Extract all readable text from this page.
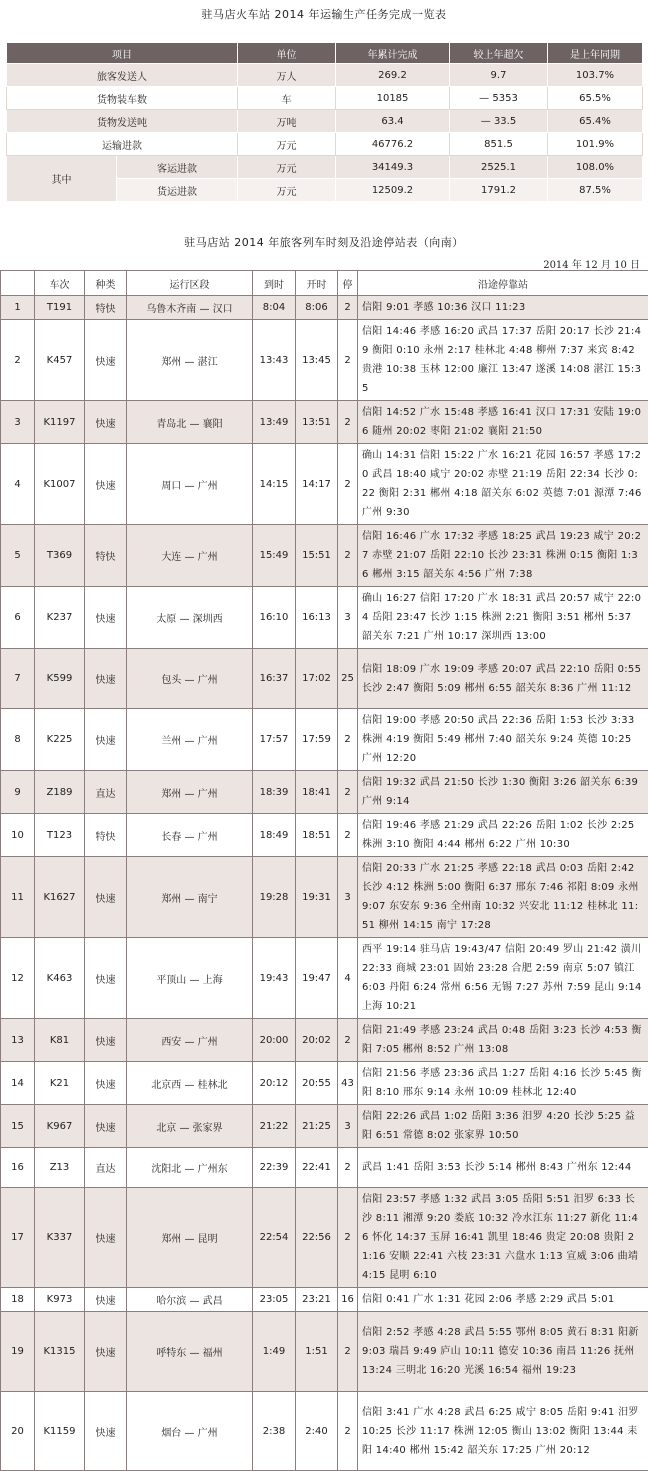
驻马店火车站 2014 年运输生产任务完成一览表
项目		单位	年累计完成	较上年超欠	是上年同期
旅客发送人		万人	269.2	9.7	103.7%
货物装车数		车	10185	— 5353	65.5%
货物发送吨		万吨	63.4	— 33.5	65.4%
运输进款		万元	46776.2	851.5	101.9%
其中	客运进款	万元	34149.3	2525.1	108.0%
	货运进款	万元	12509.2	1791.2	87.5%
驻马店站 2014 年旅客列车时刻及沿途停站表（向南）
2014 年 12 月 10 日
	车次	种类	运行区段	到时	开时	停	沿途停靠站
1	T191	特快	乌鲁木齐南 — 汉口	8:04	8:06	2	信阳 9:01 孝感 10:36 汉口 11:23
2	K457	快速	郑州 — 湛江	13:43	13:45	2	信阳 14:46 孝感 16:20 武昌 17:37 岳阳 20:17 长沙 21:49 衡阳 0:10 永州 2:17 桂林北 4:48 柳州 7:37 来宾 8:42 贵港 10:38 玉林 12:00 廉江 13:47 遂溪 14:08 湛江 15:35
3	K1197	快速	青岛北 — 襄阳	13:49	13:51	2	信阳 14:52 广水 15:48 孝感 16:41 汉口 17:31 安陆 19:06 随州 20:02 枣阳 21:02 襄阳 21:50
4	K1007	快速	周口 — 广州	14:15	14:17	2	确山 14:31 信阳 15:22 广水 16:21 花园 16:57 孝感 17:20 武昌 18:40 咸宁 20:02 赤壁 21:19 岳阳 22:34 长沙 0:22 衡阳 2:31 郴州 4:18 韶关东 6:02 英德 7:01 源潭 7:46 广州 9:30
5	T369	特快	大连 — 广州	15:49	15:51	2	信阳 16:46 广水 17:32 孝感 18:25 武昌 19:23 咸宁 20:27 赤壁 21:07 岳阳 22:10 长沙 23:31 株洲 0:15 衡阳 1:36 郴州 3:15 韶关东 4:56 广州 7:38
6	K237	快速	太原 — 深圳西	16:10	16:13	3	确山 16:27 信阳 17:20 广水 18:31 武昌 20:57 咸宁 22:04 岳阳 23:47 长沙 1:15 株洲 2:21 衡阳 3:51 郴州 5:37 韶关东 7:21 广州 10:17 深圳西 13:00
7	K599	快速	包头 — 广州	16:37	17:02	25	信阳 18:09 广水 19:09 孝感 20:07 武昌 22:10 岳阳 0:55 长沙 2:47 衡阳 5:09 郴州 6:55 韶关东 8:36 广州 11:12
8	K225	快速	兰州 — 广州	17:57	17:59	2	信阳 19:00 孝感 20:50 武昌 22:36 岳阳 1:53 长沙 3:33 株洲 4:19 衡阳 5:49 郴州 7:40 韶关东 9:24 英德 10:25 广州 12:20
9	Z189	直达	郑州 — 广州	18:39	18:41	2	信阳 19:32 武昌 21:50 长沙 1:30 衡阳 3:26 韶关东 6:39 广州 9:14
10	T123	特快	长春 — 广州	18:49	18:51	2	信阳 19:46 孝感 21:29 武昌 22:26 岳阳 1:02 长沙 2:25 株洲 3:10 衡阳 4:44 郴州 6:22 广州 10:30
11	K1627	快速	郑州 — 南宁	19:28	19:31	3	信阳 20:33 广水 21:25 孝感 22:18 武昌 0:03 岳阳 2:42 长沙 4:12 株洲 5:00 衡阳 6:37 邢东 7:46 祁阳 8:09 永州 9:07 东安东 9:36 全州南 10:32 兴安北 11:12 桂林北 11:51 柳州 14:15 南宁 17:28
12	K463	快速	平顶山 — 上海	19:43	19:47	4	西平 19:14 驻马店 19:43/47 信阳 20:49 罗山 21:42 潢川 22:33 商城 23:01 固始 23:28 合肥 2:59 南京 5:07 镇江 6:03 丹阳 6:24 常州 6:56 无锡 7:27 苏州 7:59 昆山 9:14 上海 10:21
13	K81	快速	西安 — 广州	20:00	20:02	2	信阳 21:49 孝感 23:24 武昌 0:48 岳阳 3:23 长沙 4:53 衡阳 7:05 郴州 8:52 广州 13:08
14	K21	快速	北京西 — 桂林北	20:12	20:55	43	信阳 21:56 孝感 23:36 武昌 1:27 岳阳 4:16 长沙 5:45 衡阳 8:10 邢东 9:14 永州 10:09 桂林北 12:40
15	K967	快速	北京 — 张家界	21:22	21:25	3	信阳 22:26 武昌 1:02 岳阳 3:36 汨罗 4:20 长沙 5:25 益阳 6:51 常德 8:02 张家界 10:50
16	Z13	直达	沈阳北 — 广州东	22:39	22:41	2	武昌 1:41 岳阳 3:53 长沙 5:14 郴州 8:43 广州东 12:44
17	K337	快速	郑州 — 昆明	22:54	22:56	2	信阳 23:57 孝感 1:32 武昌 3:05 岳阳 5:51 汨罗 6:33 长沙 8:11 湘潭 9:20 娄底 10:32 冷水江东 11:27 新化 11:46 怀化 14:37 玉屏 16:41 凯里 18:46 贵定 20:08 贵阳 21:16 安顺 22:41 六枝 23:31 六盘水 1:13 宣威 3:06 曲靖 4:15 昆明 6:10
18	K973	快速	哈尔滨 — 武昌	23:05	23:21	16	信阳 0:41 广水 1:31 花园 2:06 孝感 2:29 武昌 5:01
19	K1315	快速	呼特东 — 福州	1:49	1:51	2	信阳 2:52 孝感 4:28 武昌 5:55 鄂州 8:05 黄石 8:31 阳新 9:03 瑞昌 9:49 庐山 10:11 德安 10:36 南昌 11:26 抚州 13:24 三明北 16:20 光溪 16:54 福州 19:23
20	K1159	快速	烟台 — 广州	2:38	2:40	2	信阳 3:41 广水 4:28 武昌 6:25 咸宁 8:05 岳阳 9:41 汨罗 10:25 长沙 11:17 株洲 12:05 衡山 13:02 衡阳 13:44 耒阳 14:40 郴州 15:42 韶关东 17:25 广州 20:12
